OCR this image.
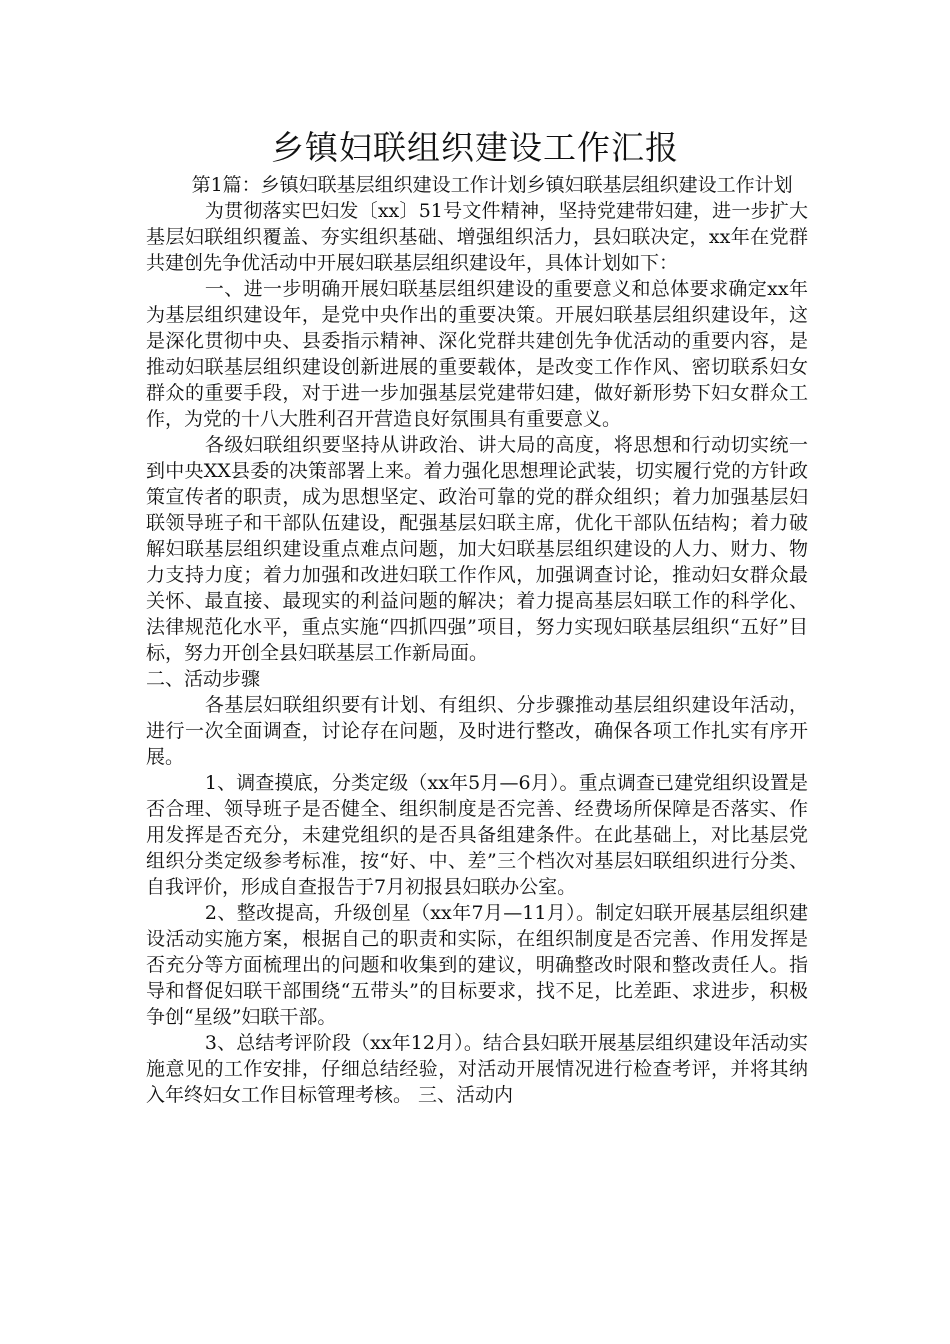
乡镇妇联组织建设工作汇报

第1篇：乡镇妇联基层组织建设工作计划乡镇妇联基层组织建设工作计划

为贯彻落实巴妇发〔xx〕51号文件精神，坚持党建带妇建，进一步扩大基层妇联组织覆盖、夯实组织基础、增强组织活力，县妇联决定，xx年在党群共建创先争优活动中开展妇联基层组织建设年，具体计划如下：

一、进一步明确开展妇联基层组织建设的重要意义和总体要求确定xx年为基层组织建设年，是党中央作出的重要决策。开展妇联基层组织建设年，这是深化贯彻中央、县委指示精神、深化党群共建创先争优活动的重要内容，是推动妇联基层组织建设创新进展的重要载体，是改变工作作风、密切联系妇女群众的重要手段，对于进一步加强基层党建带妇建，做好新形势下妇女群众工作，为党的十八大胜利召开营造良好氛围具有重要意义。

各级妇联组织要坚持从讲政治、讲大局的高度，将思想和行动切实统一到中央XX县委的决策部署上来。着力强化思想理论武装，切实履行党的方针政策宣传者的职责，成为思想坚定、政治可靠的党的群众组织；着力加强基层妇联领导班子和干部队伍建设，配强基层妇联主席，优化干部队伍结构；着力破解妇联基层组织建设重点难点问题，加大妇联基层组织建设的人力、财力、物力支持力度；着力加强和改进妇联工作作风，加强调查讨论，推动妇女群众最关怀、最直接、最现实的利益问题的解决；着力提高基层妇联工作的科学化、法律规范化水平，重点实施“四抓四强”项目，努力实现妇联基层组织“五好”目标，努力开创全县妇联基层工作新局面。

二、活动步骤

各基层妇联组织要有计划、有组织、分步骤推动基层组织建设年活动，进行一次全面调查，讨论存在问题，及时进行整改，确保各项工作扎实有序开展。

1、调查摸底，分类定级（xx年5月—6月）。重点调查已建党组织设置是否合理、领导班子是否健全、组织制度是否完善、经费场所保障是否落实、作用发挥是否充分，未建党组织的是否具备组建条件。在此基础上，对比基层党组织分类定级参考标准，按“好、中、差”三个档次对基层妇联组织进行分类、自我评价，形成自查报告于7月初报县妇联办公室。

2、整改提高，升级创星（xx年7月—11月）。制定妇联开展基层组织建设活动实施方案，根据自己的职责和实际，在组织制度是否完善、作用发挥是否充分等方面梳理出的问题和收集到的建议，明确整改时限和整改责任人。指导和督促妇联干部围绕“五带头”的目标要求，找不足，比差距、求进步，积极争创“星级”妇联干部。

3、总结考评阶段（xx年12月）。结合县妇联开展基层组织建设年活动实施意见的工作安排，仔细总结经验，对活动开展情况进行检查考评，并将其纳入年终妇女工作目标管理考核。 三、活动内
